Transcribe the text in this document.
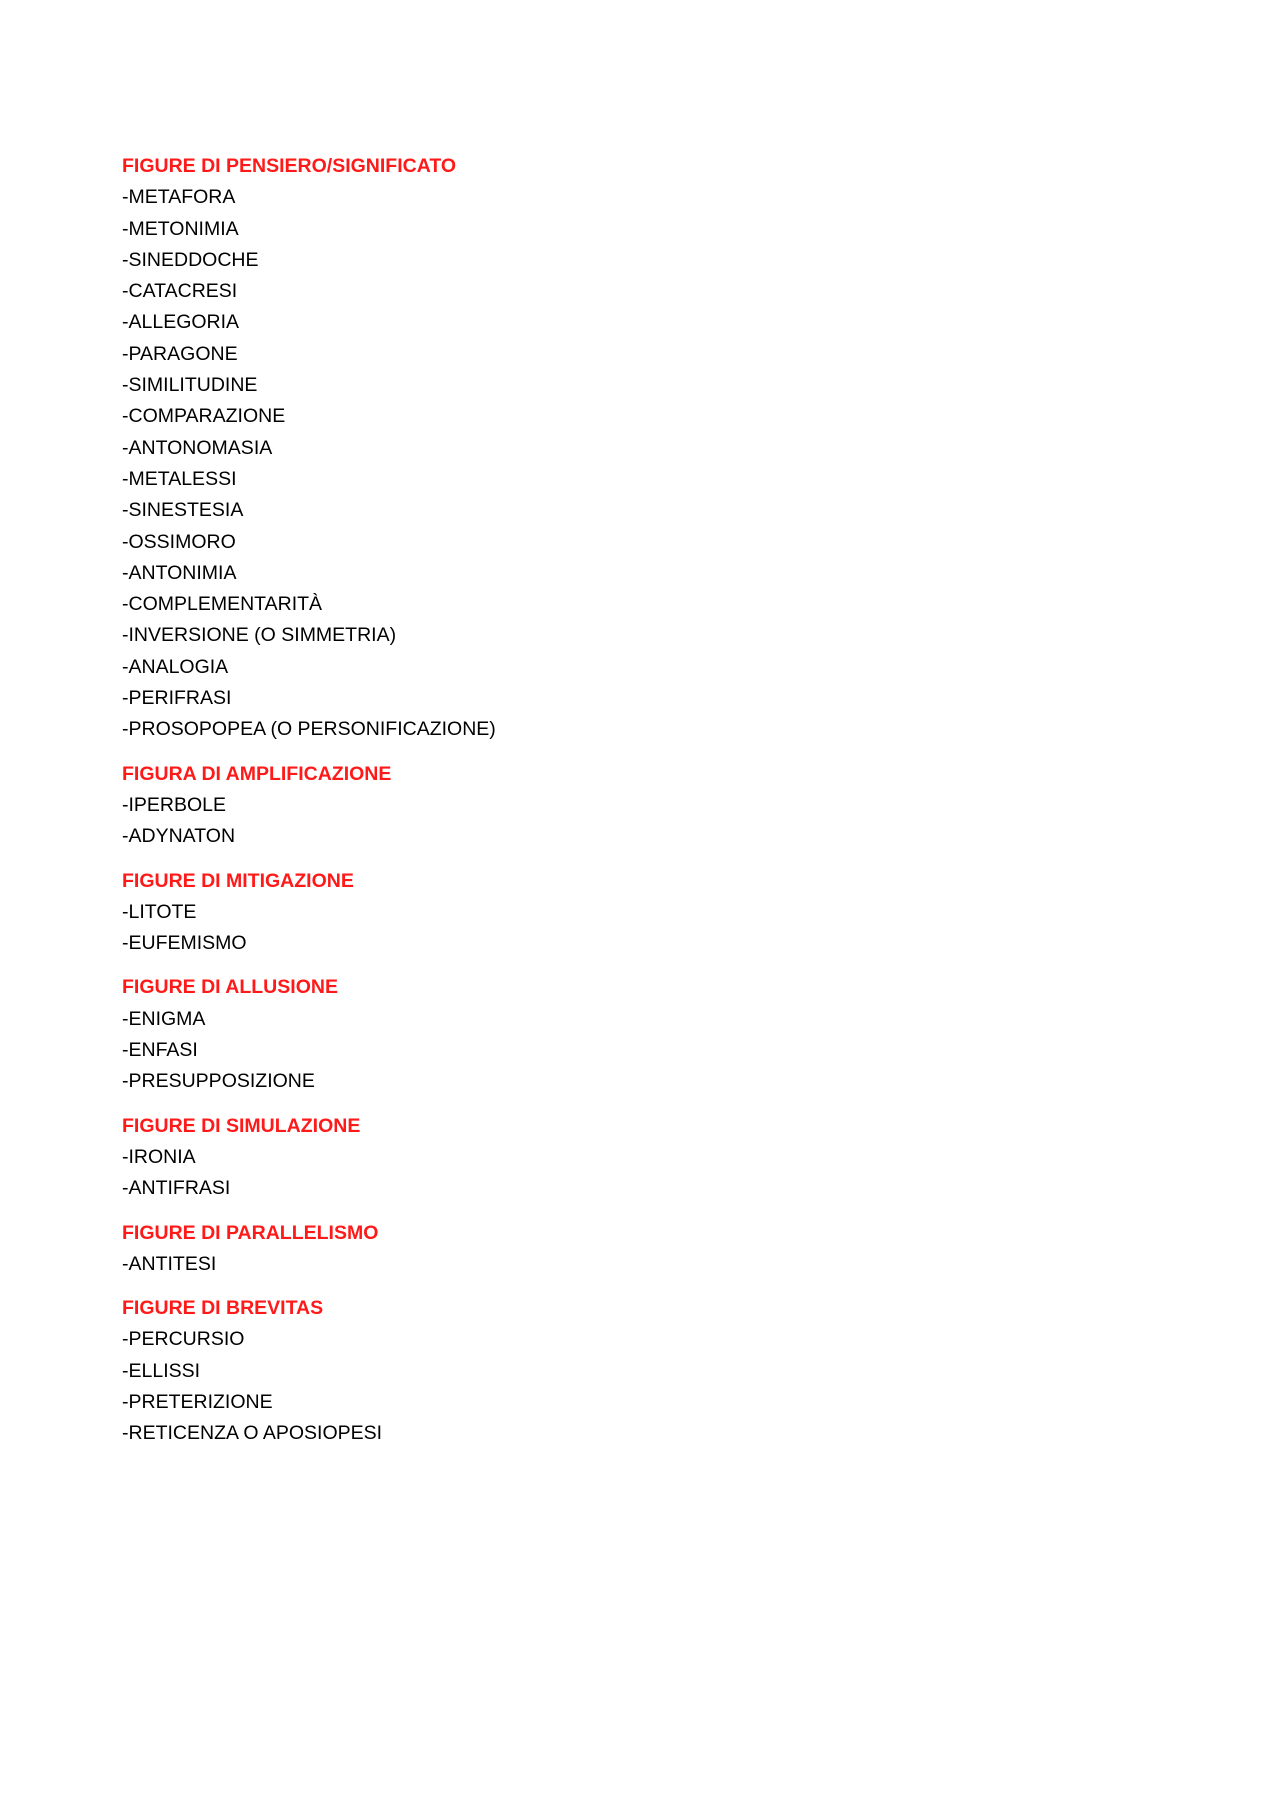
FIGURE DI PENSIERO/SIGNIFICATO
-METAFORA
-METONIMIA
-SINEDDOCHE
-CATACRESI
-ALLEGORIA
-PARAGONE
-SIMILITUDINE
-COMPARAZIONE
-ANTONOMASIA
-METALESSI
-SINESTESIA
-OSSIMORO
-ANTONIMIA
-COMPLEMENTARITÀ
-INVERSIONE (O SIMMETRIA)
-ANALOGIA
-PERIFRASI
-PROSOPOPEA (O PERSONIFICAZIONE)
FIGURA DI AMPLIFICAZIONE
-IPERBOLE
-ADYNATON
FIGURE DI MITIGAZIONE
-LITOTE
-EUFEMISMO
FIGURE DI ALLUSIONE
-ENIGMA
-ENFASI
-PRESUPPOSIZIONE
FIGURE DI SIMULAZIONE
-IRONIA
-ANTIFRASI
FIGURE DI PARALLELISMO
-ANTITESI
FIGURE DI BREVITAS
-PERCURSIO
-ELLISSI
-PRETERIZIONE
-RETICENZA O APOSIOPESI
